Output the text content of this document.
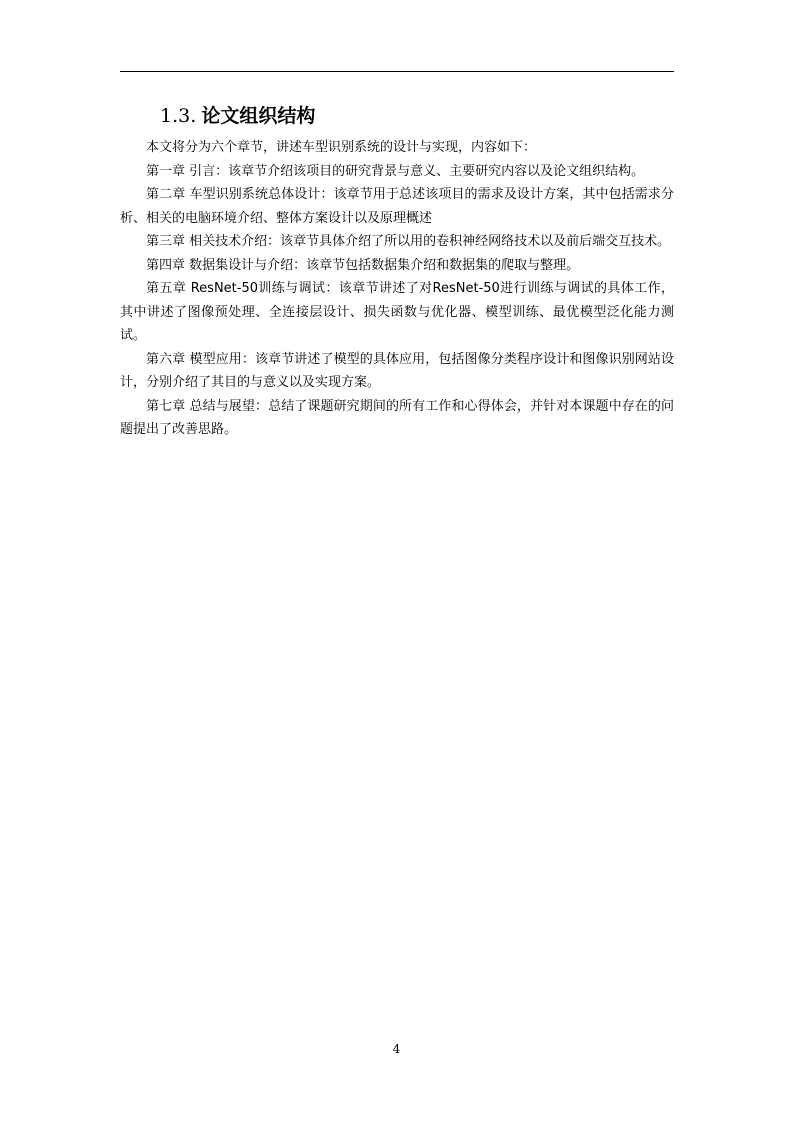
1.3. 论文组织结构

本文将分为六个章节，讲述车型识别系统的设计与实现，内容如下：

第一章 引言：该章节介绍该项目的研究背景与意义、主要研究内容以及论文组织结构。

第二章 车型识别系统总体设计：该章节用于总述该项目的需求及设计方案，其中包括需求分析、相关的电脑环境介绍、整体方案设计以及原理概述

第三章 相关技术介绍：该章节具体介绍了所以用的卷积神经网络技术以及前后端交互技术。

第四章 数据集设计与介绍：该章节包括数据集介绍和数据集的爬取与整理。

第五章 ResNet-50训练与调试：该章节讲述了对ResNet-50进行训练与调试的具体工作，其中讲述了图像预处理、全连接层设计、损失函数与优化器、模型训练、最优模型泛化能力测试。

第六章 模型应用：该章节讲述了模型的具体应用，包括图像分类程序设计和图像识别网站设计，分别介绍了其目的与意义以及实现方案。

第七章 总结与展望：总结了课题研究期间的所有工作和心得体会，并针对本课题中存在的问题提出了改善思路。

4
